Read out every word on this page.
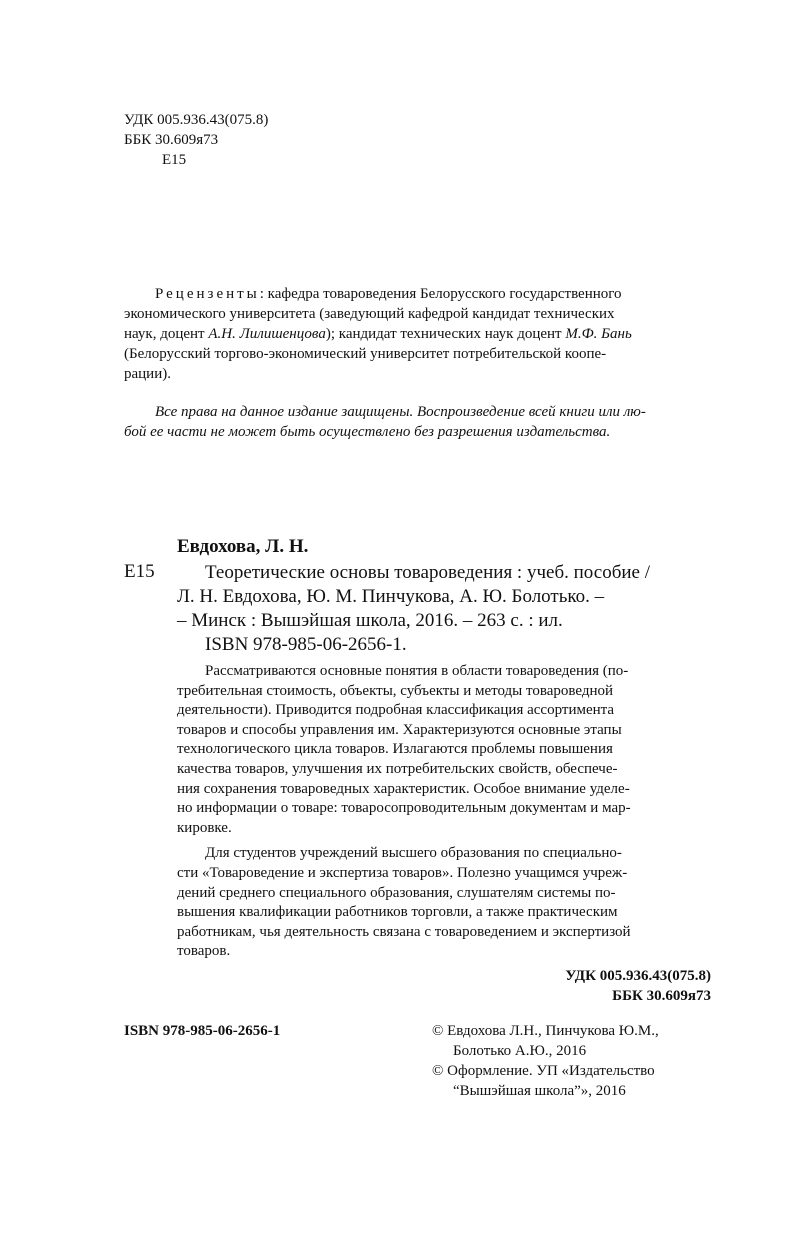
УДК 005.936.43(075.8)
ББК 30.609я73
Е15
Рецензенты: кафедра товароведения Белорусского государственного
экономического университета (заведующий кафедрой кандидат технических
наук, доцент А.Н. Лилишенцова); кандидат технических наук доцент М.Ф. Бань
(Белорусский торгово-экономический университет потребительской коопе-
рации).
Все права на данное издание защищены. Воспроизведение всей книги или лю-
бой ее части не может быть осуществлено без разрешения издательства.
Евдохова, Л. Н.
Е15	Теоретические основы товароведения : учеб. пособие /
Л. Н. Евдохова, Ю. М. Пинчукова, А. Ю. Болотько. –
– Минск : Вышэйшая школа, 2016. – 263 с. : ил.
ISBN 978-985-06-2656-1.
Рассматриваются основные понятия в области товароведения (по-
требительная стоимость, объекты, субъекты и методы товароведной
деятельности). Приводится подробная классификация ассортимента
товаров и способы управления им. Характеризуются основные этапы
технологического цикла товаров. Излагаются проблемы повышения
качества товаров, улучшения их потребительских свойств, обеспече-
ния сохранения товароведных характеристик. Особое внимание уделе-
но информации о товаре: товаросопроводительным документам и мар-
кировке.
Для студентов учреждений высшего образования по специально-
сти «Товароведение и экспертиза товаров». Полезно учащимся учреж-
дений среднего специального образования, слушателям системы по-
вышения квалификации работников торговли, а также практическим
работникам, чья деятельность связана с товароведением и экспертизой
товаров.
УДК 005.936.43(075.8)
ББК 30.609я73
ISBN 978-985-06-2656-1	© Евдохова Л.Н., Пинчукова Ю.М.,
Болотько А.Ю., 2016
© Оформление. УП «Издательство
“Вышэйшая школа”», 2016
